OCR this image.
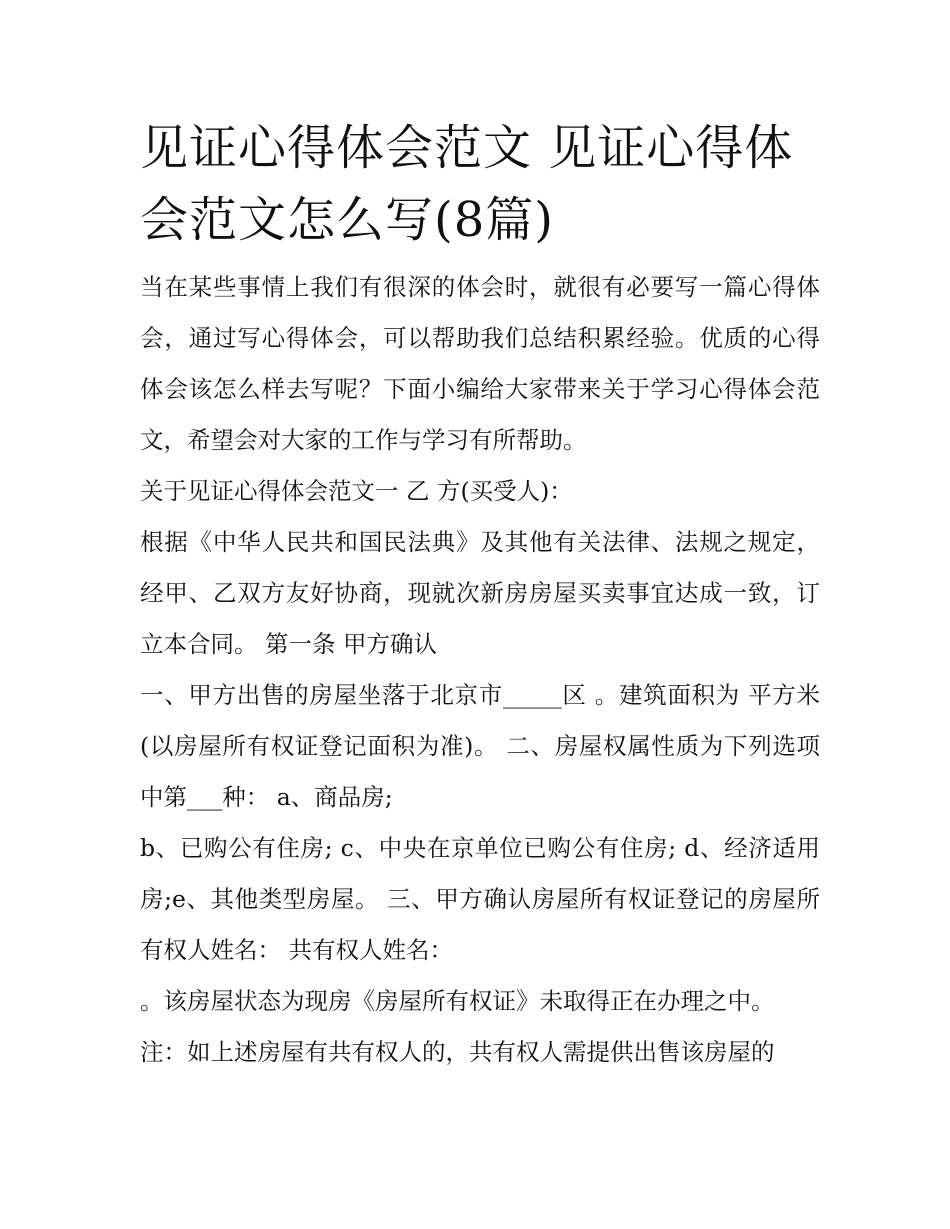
见证心得体会范文 见证心得体会范文怎么写(8篇)

当在某些事情上我们有很深的体会时，就很有必要写一篇心得体会，通过写心得体会，可以帮助我们总结积累经验。优质的心得体会该怎么样去写呢？下面小编给大家带来关于学习心得体会范文，希望会对大家的工作与学习有所帮助。

关于见证心得体会范文一 乙 方(买受人)：

根据《中华人民共和国民法典》及其他有关法律、法规之规定，经甲、乙双方友好协商，现就次新房房屋买卖事宜达成一致，订立本合同。 第一条 甲方确认

一、甲方出售的房屋坐落于北京市_____区 。建筑面积为 平方米(以房屋所有权证登记面积为准)。 二、房屋权属性质为下列选项中第___种： a、商品房;

b、已购公有住房; c、中央在京单位已购公有住房; d、经济适用房;e、其他类型房屋。 三、甲方确认房屋所有权证登记的房屋所有权人姓名： 共有权人姓名：

。该房屋状态为现房《房屋所有权证》未取得正在办理之中。

注：如上述房屋有共有权人的，共有权人需提供出售该房屋的
